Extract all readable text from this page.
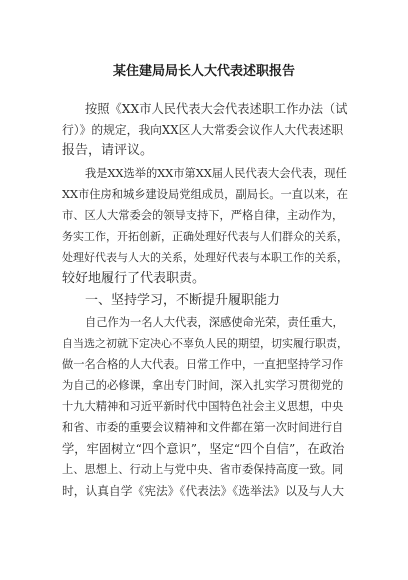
某住建局局长人大代表述职报告
按照《XX市人民代表大会代表述职工作办法（试
行）》的规定，我向XX区人大常委会议作人大代表述职
报告，请评议。
我是XX选举的XX市第XX届人民代表大会代表，现任
XX市住房和城乡建设局党组成员，副局长。一直以来，在
市、区人大常委会的领导支持下，严格自律，主动作为，
务实工作，开拓创新，正确处理好代表与人们群众的关系，
处理好代表与人大的关系，处理好代表与本职工作的关系，
较好地履行了代表职责。
一、坚持学习，不断提升履职能力
自己作为一名人大代表，深感使命光荣，责任重大，
自当选之初就下定决心不辜负人民的期望，切实履行职责，
做一名合格的人大代表。日常工作中，一直把坚持学习作
为自己的必修课，拿出专门时间，深入扎实学习贯彻党的
十九大精神和习近平新时代中国特色社会主义思想，中央
和省、市委的重要会议精神和文件都在第一次时间进行自
学，牢固树立“四个意识”，坚定“四个自信”，在政治
上、思想上、行动上与党中央、省市委保持高度一致。同
时，认真自学《宪法》《代表法》《选举法》以及与人大
